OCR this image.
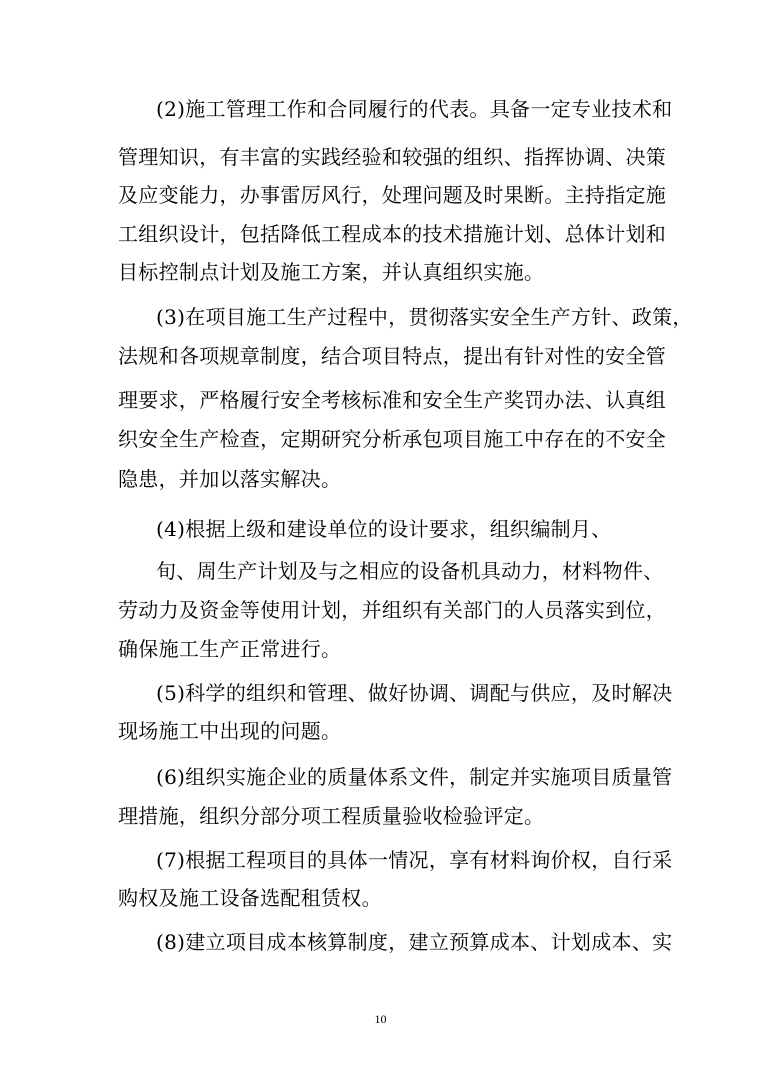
(2)施工管理工作和合同履行的代表。具备一定专业技术和
管理知识，有丰富的实践经验和较强的组织、指挥协调、决策
及应变能力，办事雷厉风行，处理问题及时果断。主持指定施
工组织设计，包括降低工程成本的技术措施计划、总体计划和
目标控制点计划及施工方案，并认真组织实施。
(3)在项目施工生产过程中，贯彻落实安全生产方针、政策，
法规和各项规章制度，结合项目特点，提出有针对性的安全管
理要求，严格履行安全考核标准和安全生产奖罚办法、认真组
织安全生产检查，定期研究分析承包项目施工中存在的不安全
隐患，并加以落实解决。
(4)根据上级和建设单位的设计要求，组织编制月、
旬、周生产计划及与之相应的设备机具动力，材料物件、
劳动力及资金等使用计划，并组织有关部门的人员落实到位，
确保施工生产正常进行。
(5)科学的组织和管理、做好协调、调配与供应，及时解决
现场施工中出现的问题。
(6)组织实施企业的质量体系文件，制定并实施项目质量管
理措施，组织分部分项工程质量验收检验评定。
(7)根据工程项目的具体一情况，享有材料询价权，自行采
购权及施工设备选配租赁权。
(8)建立项目成本核算制度，建立预算成本、计划成本、实
10
